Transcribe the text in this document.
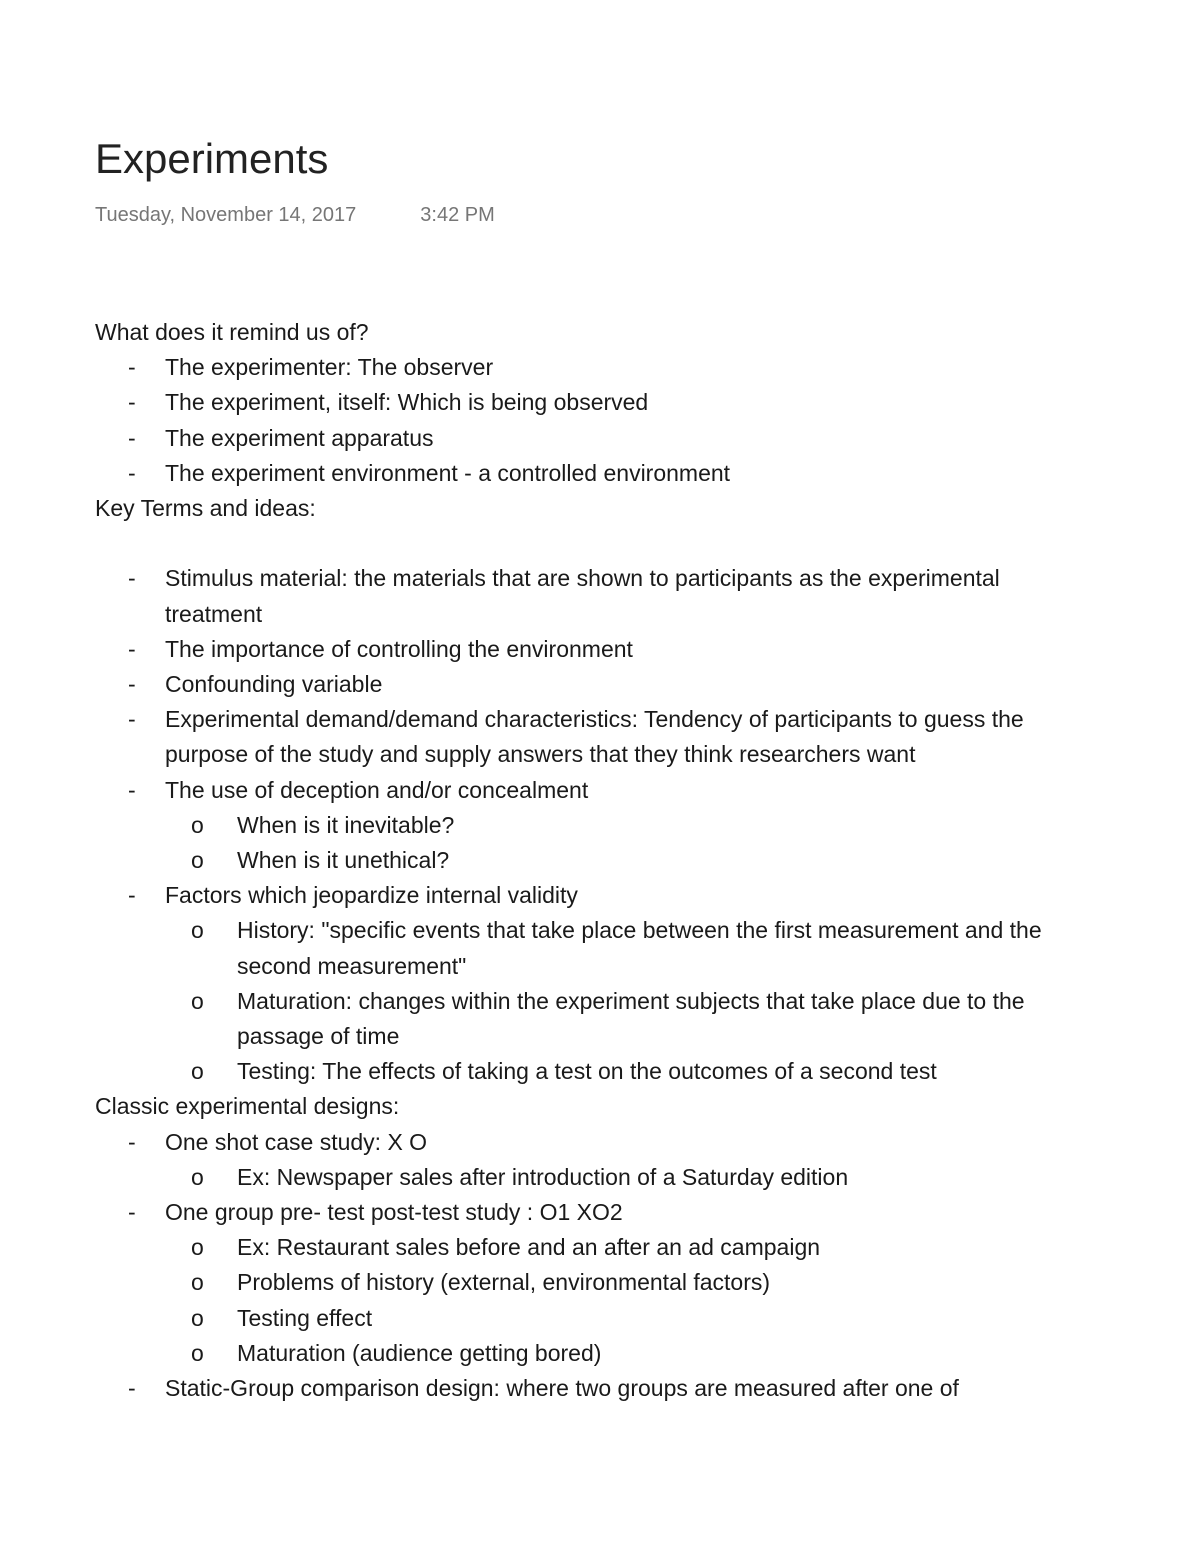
Experiments
Tuesday, November 14, 2017	3:42 PM
What does it remind us of?
- The experimenter: The observer
- The experiment, itself: Which is being observed
- The experiment apparatus
- The experiment environment - a controlled environment
Key Terms and ideas:
- Stimulus material: the materials that are shown to participants as the experimental treatment
- The importance of controlling the environment
- Confounding variable
- Experimental demand/demand characteristics: Tendency of participants to guess the purpose of the study and supply answers that they think researchers want
- The use of deception and/or concealment
o When is it inevitable?
o When is it unethical?
- Factors which jeopardize internal validity
o History: "specific events that take place between the first measurement and the second measurement"
o Maturation: changes within the experiment subjects that take place due to the passage of time
o Testing: The effects of taking a test on the outcomes of a second test
Classic experimental designs:
- One shot case study: X O
o Ex: Newspaper sales after introduction of a Saturday edition
- One group pre- test post-test study : O1 XO2
o Ex: Restaurant sales before and an after an ad campaign
o Problems of history (external, environmental factors)
o Testing effect
o Maturation (audience getting bored)
- Static-Group comparison design: where two groups are measured after one of
